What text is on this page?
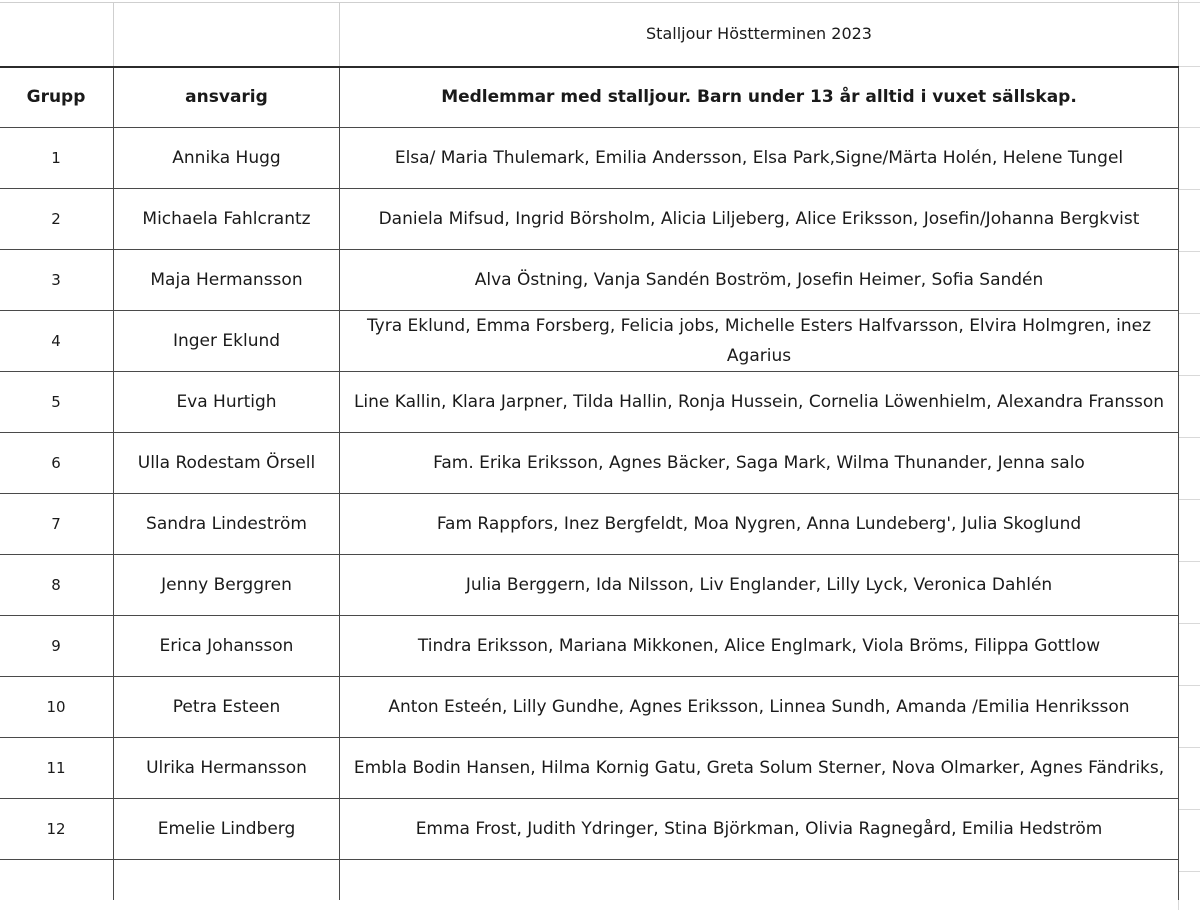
		Stalljour Höstterminen 2023
Grupp	ansvarig	Medlemmar med stalljour. Barn under 13 år alltid i vuxet sällskap.
1	Annika Hugg	Elsa/ Maria Thulemark, Emilia Andersson, Elsa Park,Signe/Märta Holén, Helene Tungel
2	Michaela Fahlcrantz	Daniela Mifsud, Ingrid Börsholm, Alicia Liljeberg, Alice Eriksson, Josefin/Johanna Bergkvist
3	Maja Hermansson	Alva Östning, Vanja Sandén Boström, Josefin Heimer, Sofia Sandén
4	Inger Eklund	Tyra Eklund, Emma Forsberg, Felicia jobs, Michelle Esters Halfvarsson, Elvira Holmgren, inez Agarius
5	Eva Hurtigh	Line Kallin, Klara Jarpner, Tilda Hallin, Ronja Hussein, Cornelia Löwenhielm, Alexandra Fransson
6	Ulla Rodestam Örsell	Fam. Erika Eriksson, Agnes Bäcker, Saga Mark, Wilma Thunander, Jenna salo
7	Sandra Lindeström	Fam Rappfors, Inez Bergfeldt, Moa Nygren, Anna Lundeberg', Julia Skoglund
8	Jenny Berggren	Julia Berggern, Ida Nilsson, Liv Englander, Lilly Lyck, Veronica Dahlén
9	Erica Johansson	Tindra Eriksson, Mariana Mikkonen, Alice Englmark, Viola Bröms, Filippa Gottlow
10	Petra Esteen	Anton Esteén, Lilly Gundhe, Agnes Eriksson, Linnea Sundh, Amanda /Emilia Henriksson
11	Ulrika Hermansson	Embla Bodin Hansen, Hilma Kornig Gatu, Greta Solum Sterner, Nova Olmarker, Agnes Fändriks,
12	Emelie Lindberg	Emma Frost, Judith Ydringer, Stina Björkman, Olivia Ragnegård, Emilia Hedström
